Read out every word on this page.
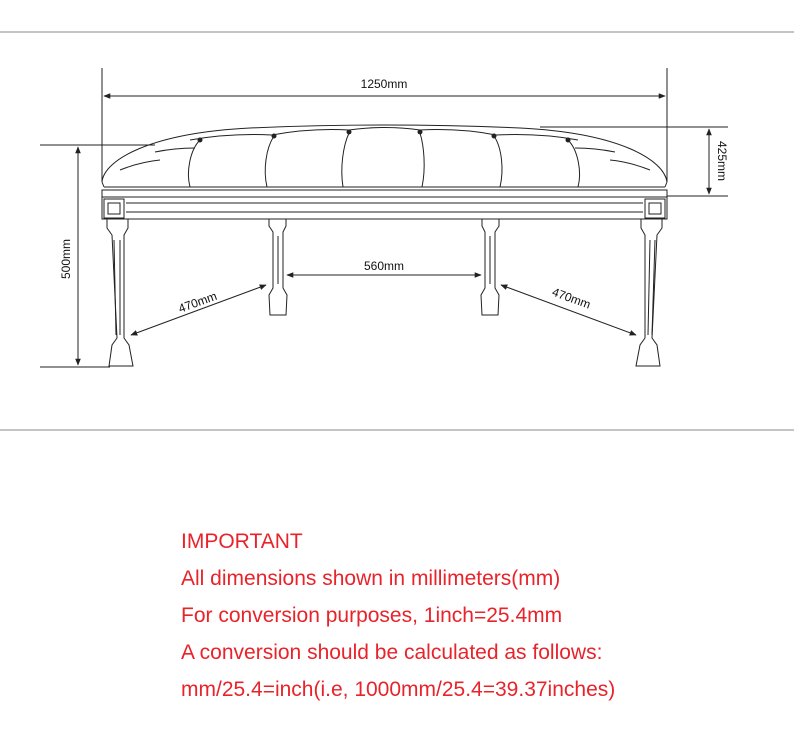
1250mm
425mm
500mm	560mm
470mm	470mm

IMPORTANT

All dimensions shown in millimeters(mm)

For conversion purposes, 1inch=25.4mm

A conversion should be calculated as follows:

mm/25.4=inch(i.e, 1000mm/25.4=39.37inches)
